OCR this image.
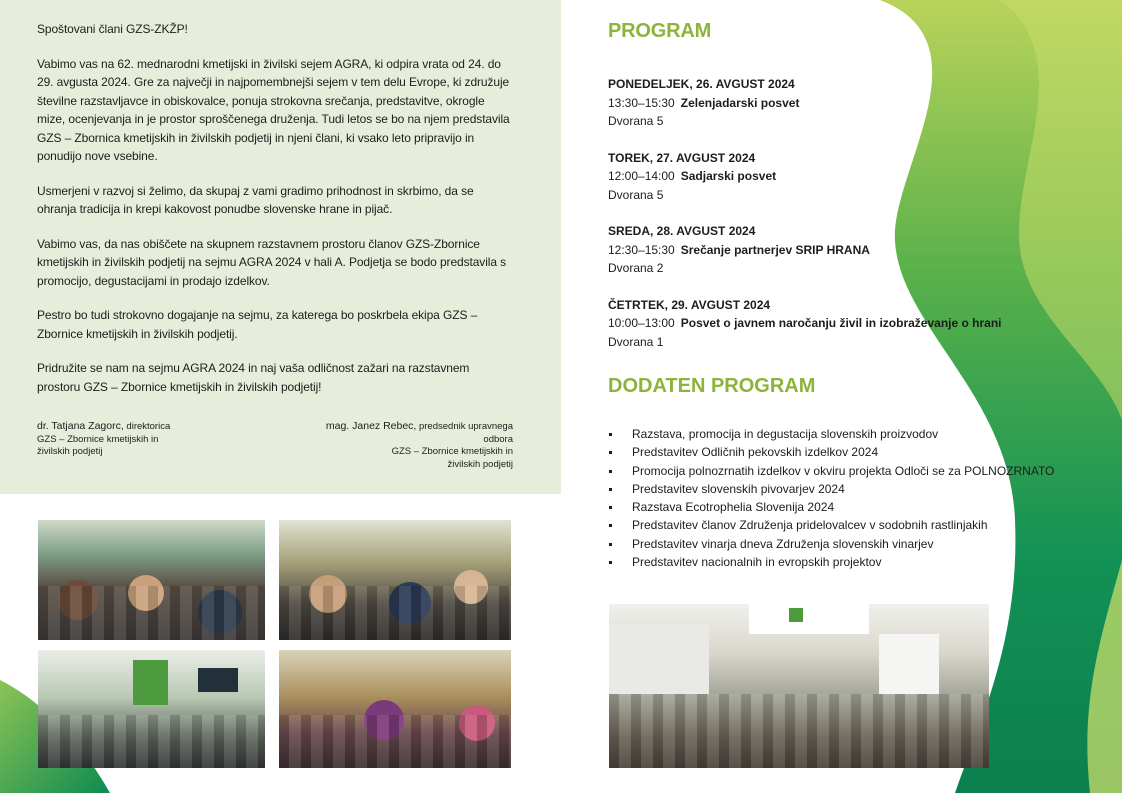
Spoštovani člani GZS-ZKŽP!

Vabimo vas na 62. mednarodni kmetijski in živilski sejem AGRA, ki odpira vrata od 24. do 29. avgusta 2024. Gre za največji in najpomembnejši sejem v tem delu Evrope, ki združuje številne razstavljavce in obiskovalce, ponuja strokovna srečanja, predstavitve, okrogle mize, ocenjevanja in je prostor sproščenega druženja. Tudi letos se bo na njem predstavila GZS – Zbornica kmetijskih in živilskih podjetij in njeni člani, ki vsako leto pripravijo in ponudijo nove vsebine.

Usmerjeni v razvoj si želimo, da skupaj z vami gradimo prihodnost in skrbimo, da se ohranja tradicija in krepi kakovost ponudbe slovenske hrane in pijač.

Vabimo vas, da nas obiščete na skupnem razstavnem prostoru članov GZS-Zbornice kmetijskih in živilskih podjetij na sejmu AGRA 2024 v hali A. Podjetja se bodo predstavila s promocijo, degustacijami in prodajo izdelkov.

Pestro bo tudi strokovno dogajanje na sejmu, za katerega bo poskrbela ekipa GZS – Zbornice kmetijskih in živilskih podjetij.

Pridružite se nam na sejmu AGRA 2024 in naj vaša odličnost zažari na razstavnem prostoru GZS – Zbornice kmetijskih in živilskih podjetij!

dr. Tatjana Zagorc, direktorica
GZS – Zbornice kmetijskih in
živilskih podjetij
mag. Janez Rebec, predsednik upravnega odbora
GZS – Zbornice kmetijskih in
živilskih podjetij
PROGRAM
PONEDELJEK, 26. AVGUST 2024
13:30–15:30 Zelenjadarski posvet
Dvorana 5
TOREK, 27. AVGUST 2024
12:00–14:00 Sadjarski posvet
Dvorana 5
SREDA, 28. AVGUST 2024
12:30–15:30 Srečanje partnerjev SRIP HRANA
Dvorana 2
ČETRTEK, 29. AVGUST 2024
10:00–13:00 Posvet o javnem naročanju živil in izobraževanje o hrani
Dvorana 1
DODATEN PROGRAM
Razstava, promocija in degustacija slovenskih proizvodov
Predstavitev Odličnih pekovskih izdelkov 2024
Promocija polnozrnatih izdelkov v okviru projekta Odloči se za POLNOZRNATO
Predstavitev slovenskih pivovarjev 2024
Razstava Ecotrophelia Slovenija 2024
Predstavitev članov Združenja pridelovalcev v sodobnih rastlinjakih
Predstavitev vinarja dneva Združenja slovenskih vinarjev
Predstavitev nacionalnih in evropskih projektov
